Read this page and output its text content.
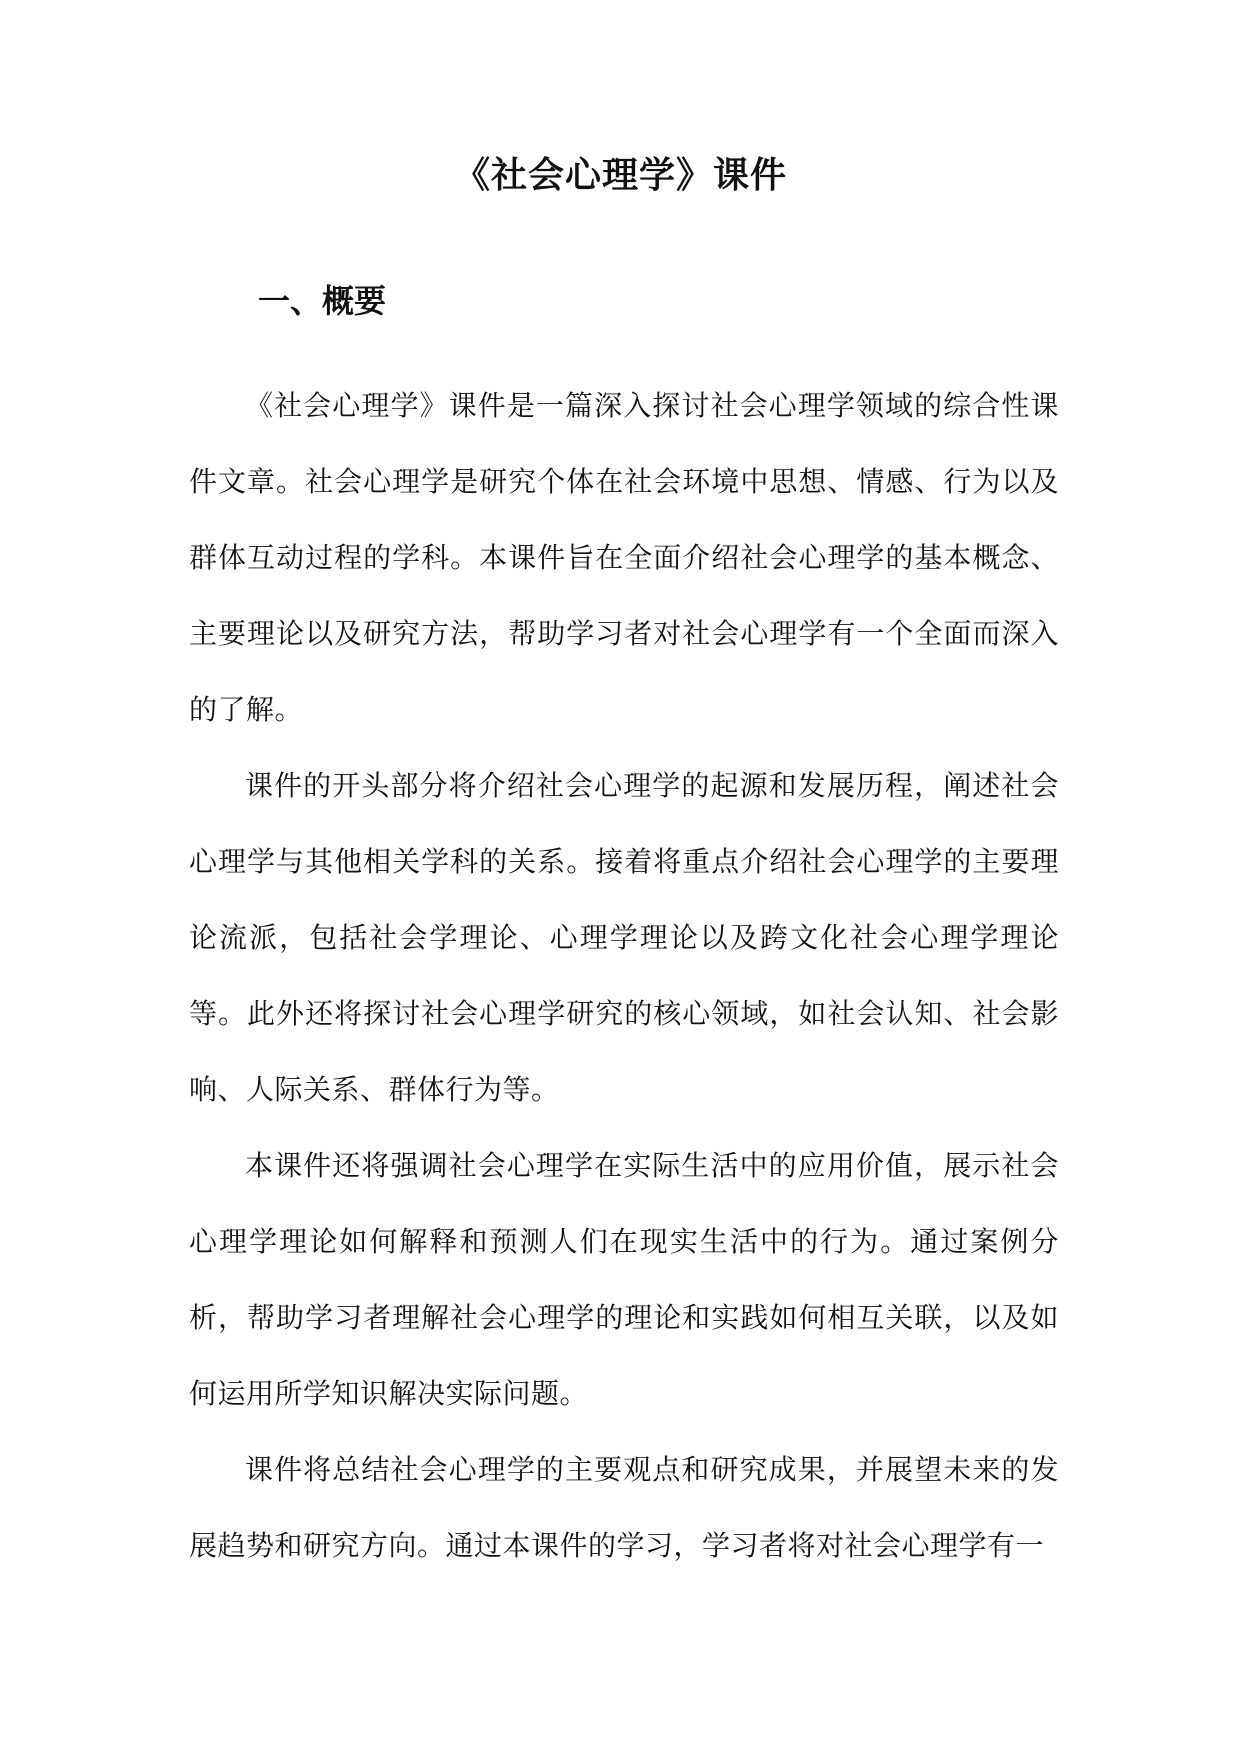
《社会心理学》课件
一、概要

《社会心理学》课件是一篇深入探讨社会心理学领域的综合性课件文章。社会心理学是研究个体在社会环境中思想、情感、行为以及群体互动过程的学科。本课件旨在全面介绍社会心理学的基本概念、主要理论以及研究方法，帮助学习者对社会心理学有一个全面而深入的了解。

课件的开头部分将介绍社会心理学的起源和发展历程，阐述社会心理学与其他相关学科的关系。接着将重点介绍社会心理学的主要理论流派，包括社会学理论、心理学理论以及跨文化社会心理学理论等。此外还将探讨社会心理学研究的核心领域，如社会认知、社会影响、人际关系、群体行为等。

本课件还将强调社会心理学在实际生活中的应用价值，展示社会心理学理论如何解释和预测人们在现实生活中的行为。通过案例分析，帮助学习者理解社会心理学的理论和实践如何相互关联，以及如何运用所学知识解决实际问题。

课件将总结社会心理学的主要观点和研究成果，并展望未来的发展趋势和研究方向。通过本课件的学习，学习者将对社会心理学有一
